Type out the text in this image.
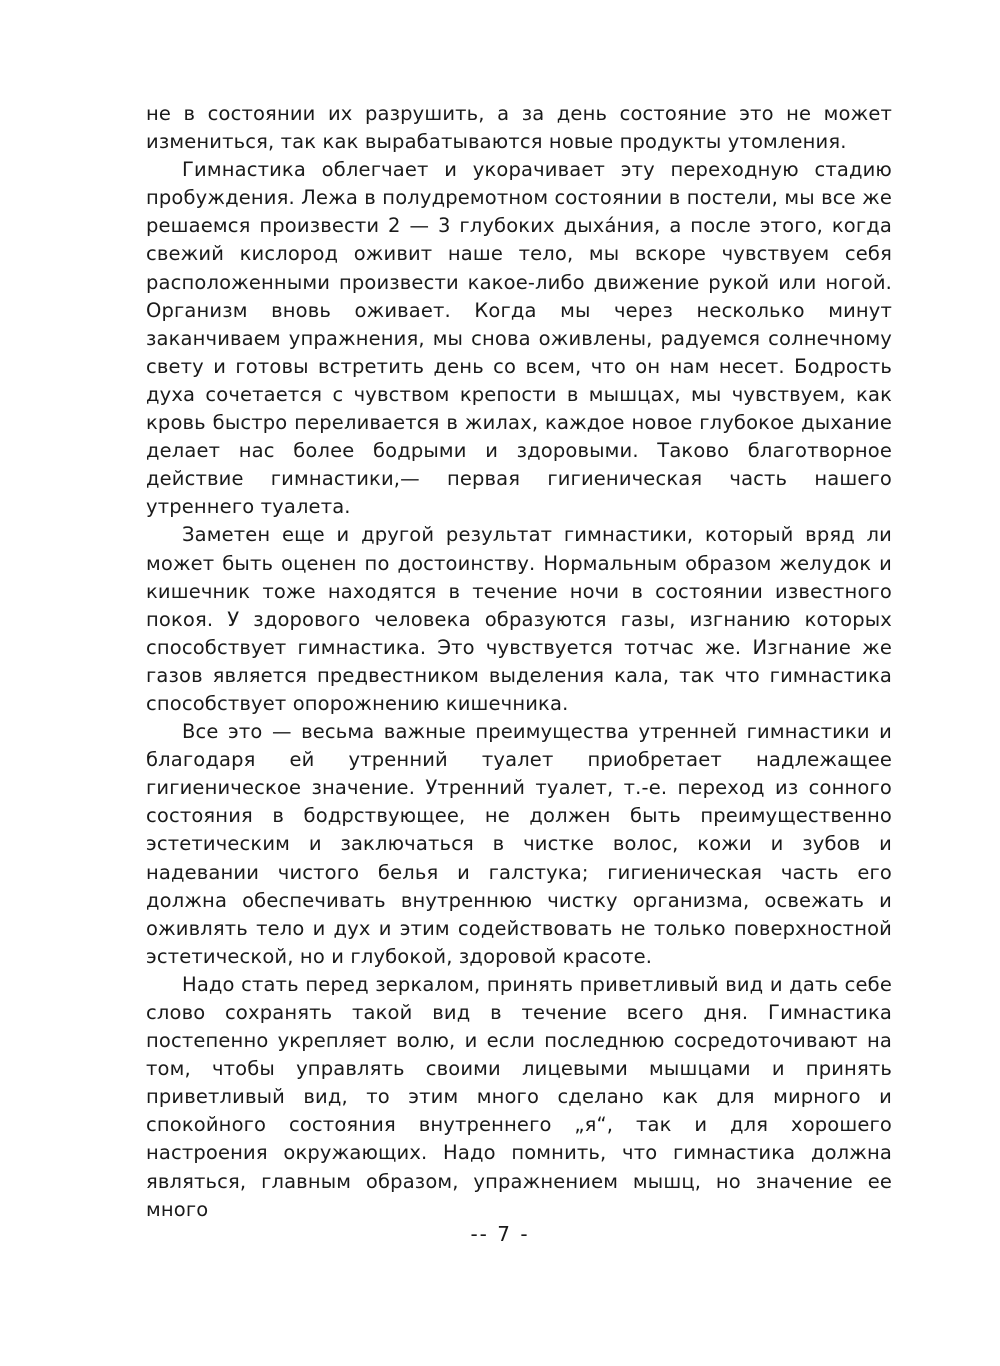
не в состоянии их разрушить, а за день состояние это не может измениться, так как вырабатываются новые продукты утомления.

Гимнастика облегчает и укорачивает эту переходную стадию пробуждения. Лежа в полудремотном состоянии в постели, мы все же решаемся произвести 2 — 3 глубоких дыха́ния, а после этого, когда свежий кислород оживит наше тело, мы вскоре чувствуем себя расположенными произвести какое-либо движение рукой или ногой. Организм вновь оживает. Когда мы через несколько минут заканчиваем упражнения, мы снова оживлены, радуемся солнечному свету и готовы встретить день со всем, что он нам несет. Бодрость духа сочетается с чувством крепости в мышцах, мы чувствуем, как кровь быстро переливается в жилах, каждое новое глубокое дыхание делает нас более бодрыми и здоровыми. Таково благотворное действие гимнастики,— первая гигиеническая часть нашего утреннего туалета.

Заметен еще и другой результат гимнастики, который вряд ли может быть оценен по достоинству. Нормальным образом желудок и кишечник тоже находятся в течение ночи в состоянии известного покоя. У здорового человека образуются газы, изгнанию которых способствует гимнастика. Это чувствуется тотчас же. Изгнание же газов является предвестником выделения кала, так что гимнастика способствует опорожнению кишечника.

Все это — весьма важные преимущества утренней гимнастики и благодаря ей утренний туалет приобретает надлежащее гигиеническое значение. Утренний туалет, т.-е. переход из сонного состояния в бодрствующее, не должен быть преимущественно эстетическим и заключаться в чистке волос, кожи и зубов и надевании чистого белья и галстука; гигиеническая часть его должна обеспечивать внутреннюю чистку организма, освежать и оживлять тело и дух и этим содействовать не только поверхностной эстетической, но и глубокой, здоровой красоте.

Надо стать перед зеркалом, принять приветливый вид и дать себе слово сохранять такой вид в течение всего дня. Гимнастика постепенно укрепляет волю, и если последнюю сосредоточивают на том, чтобы управлять своими лицевыми мышцами и принять приветливый вид, то этим много сделано как для мирного и спокойного состояния внутреннего „я“, так и для хорошего настроения окружающих. Надо помнить, что гимнастика должна являться, главным образом, упражнением мышц, но значение ее много

-- 7 -
